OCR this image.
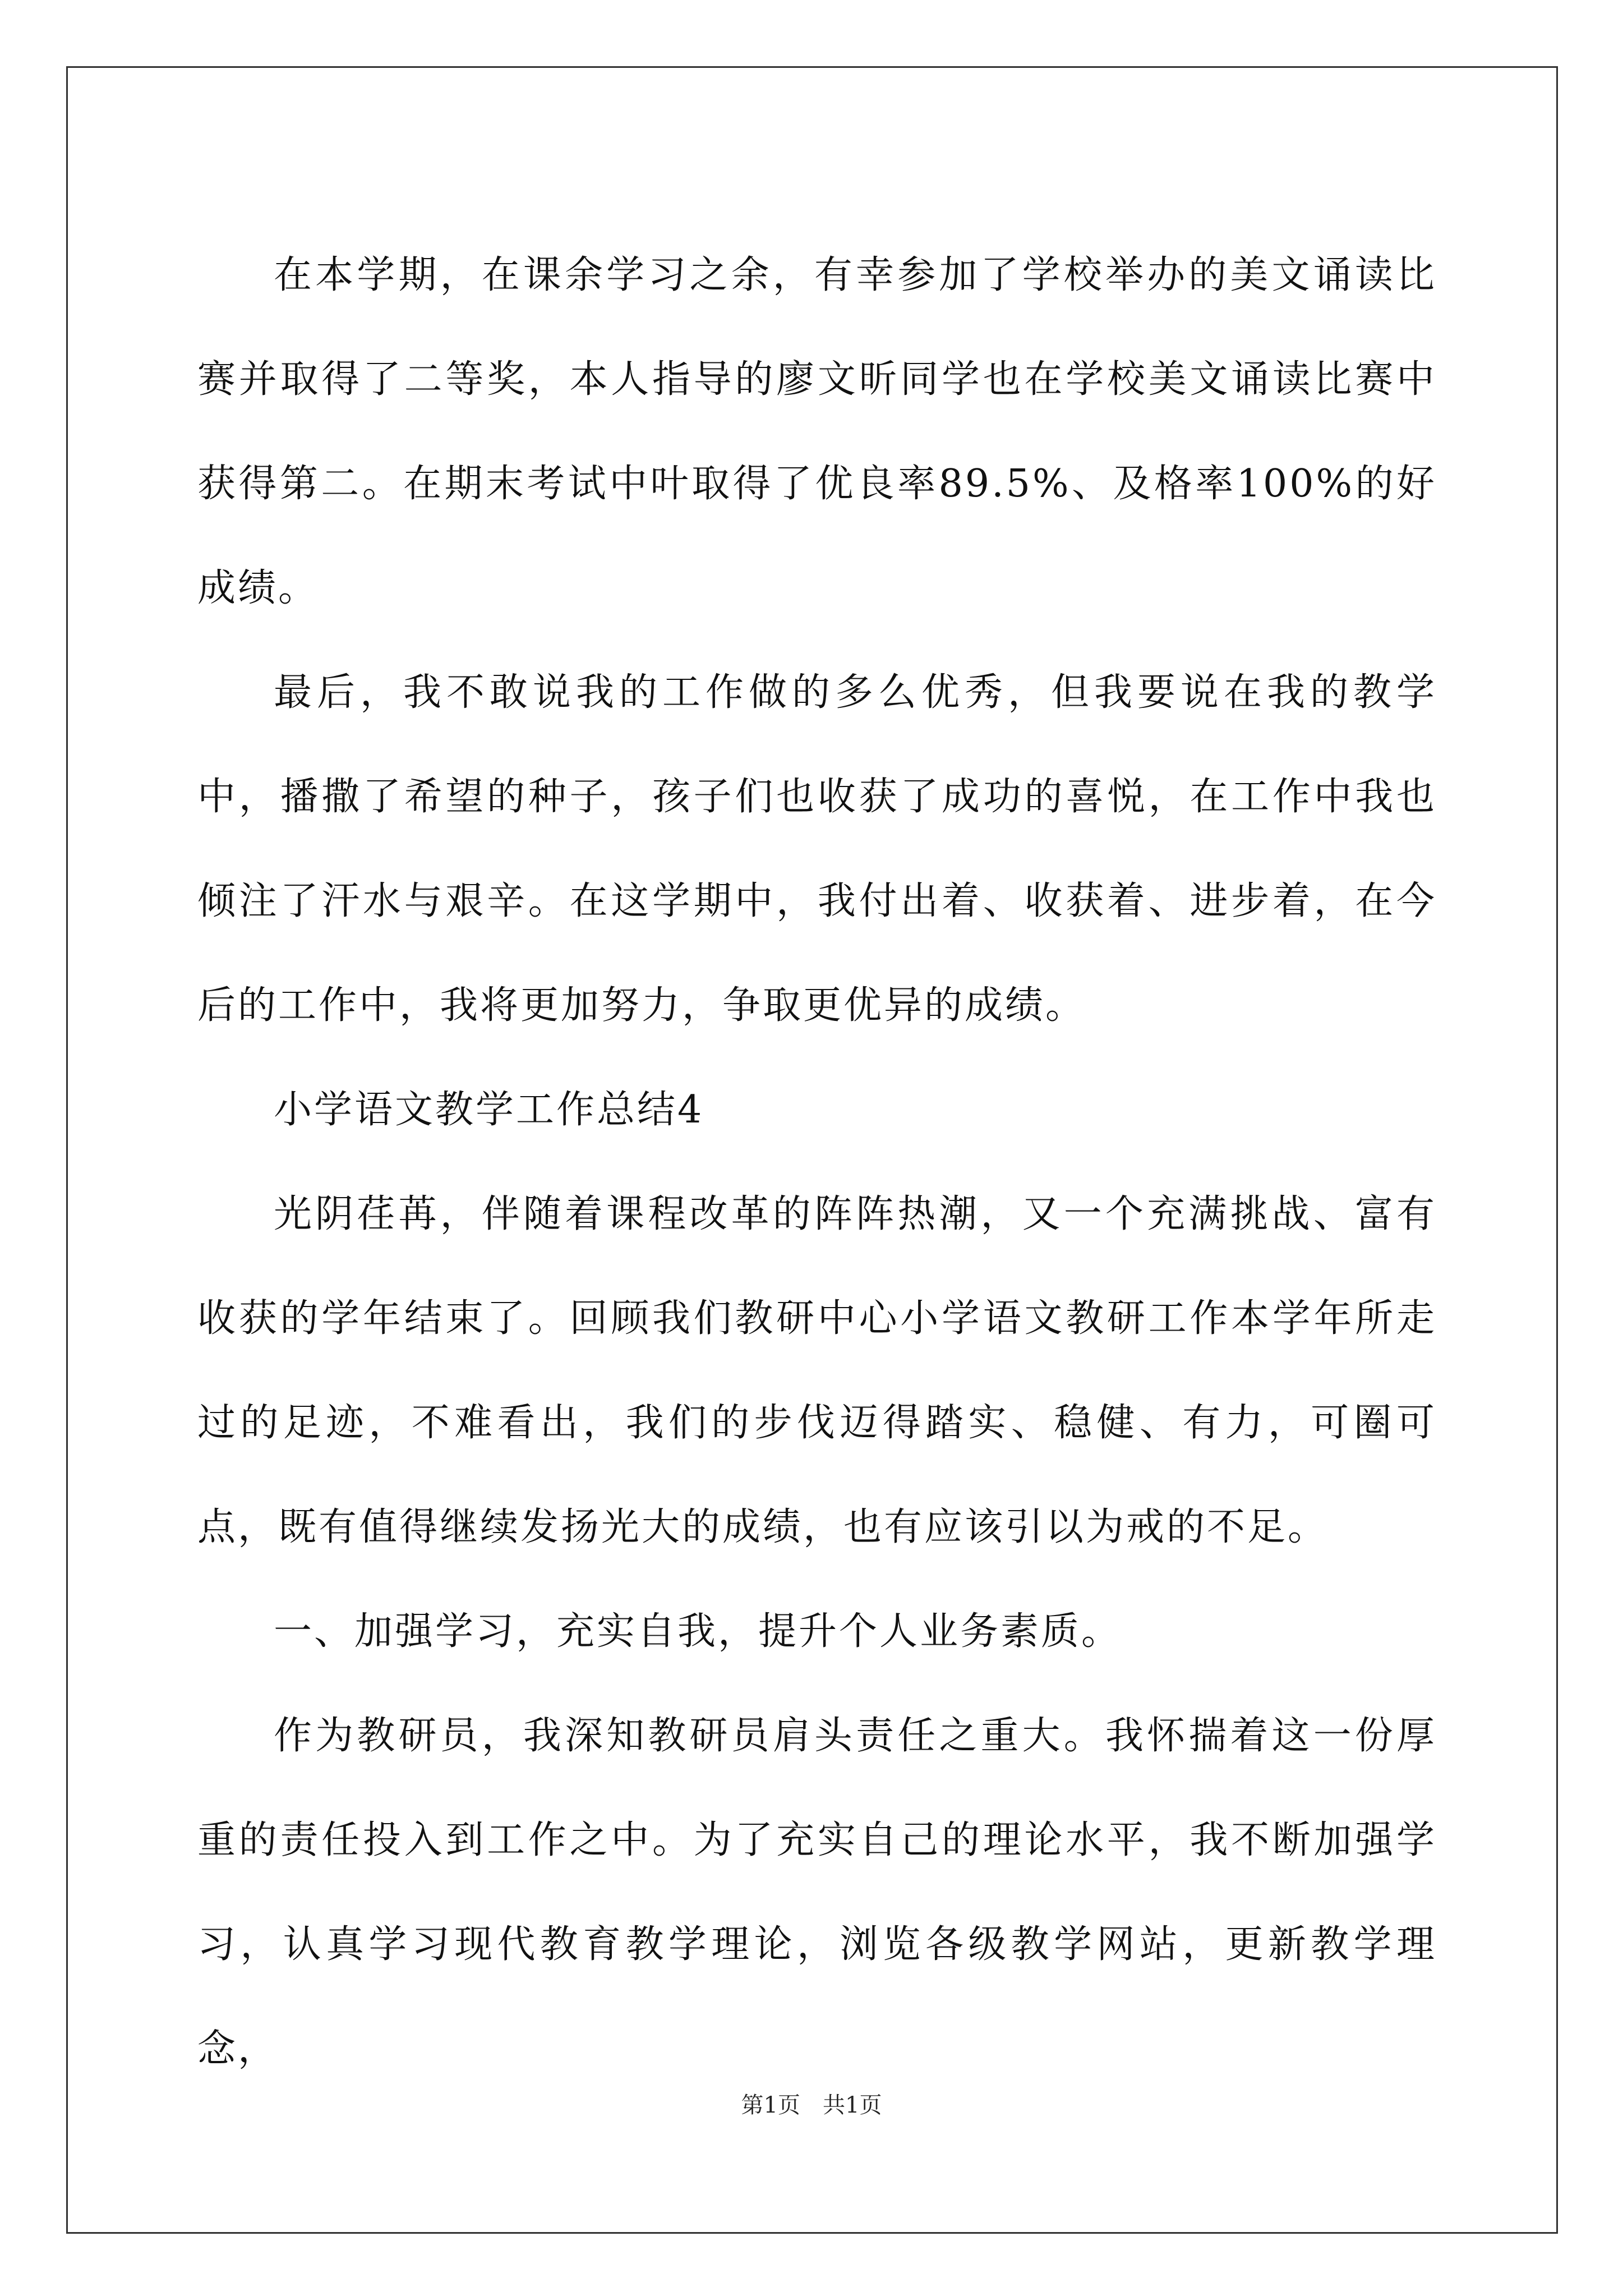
在本学期，在课余学习之余，有幸参加了学校举办的美文诵读比赛并取得了二等奖，本人指导的廖文昕同学也在学校美文诵读比赛中获得第二。在期末考试中叶取得了优良率89.5%、及格率100%的好成绩。

最后，我不敢说我的工作做的多么优秀，但我要说在我的教学中，播撒了希望的种子，孩子们也收获了成功的喜悦，在工作中我也倾注了汗水与艰辛。在这学期中，我付出着、收获着、进步着，在今后的工作中，我将更加努力，争取更优异的成绩。

小学语文教学工作总结4

光阴荏苒，伴随着课程改革的阵阵热潮，又一个充满挑战、富有收获的学年结束了。回顾我们教研中心小学语文教研工作本学年所走过的足迹，不难看出，我们的步伐迈得踏实、稳健、有力，可圈可点，既有值得继续发扬光大的成绩，也有应该引以为戒的不足。

一、加强学习，充实自我，提升个人业务素质。

作为教研员，我深知教研员肩头责任之重大。我怀揣着这一份厚重的责任投入到工作之中。为了充实自己的理论水平，我不断加强学习，认真学习现代教育教学理论，浏览各级教学网站，更新教学理念，

第1页 共1页
